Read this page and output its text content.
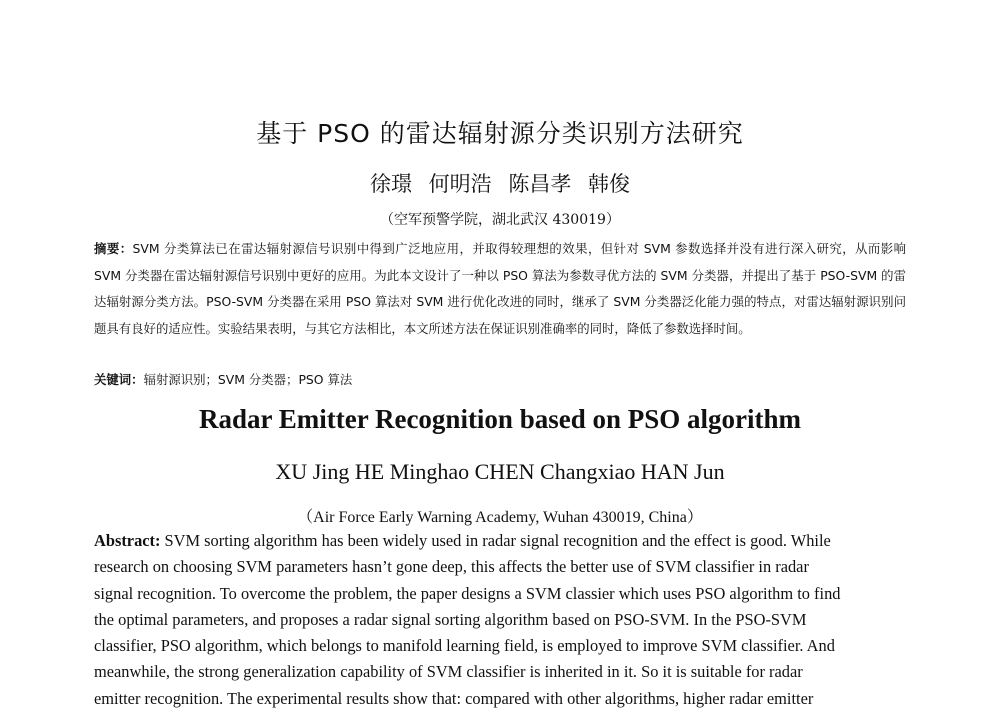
基于 PSO 的雷达辐射源分类识别方法研究
徐璟 何明浩 陈昌孝 韩俊
（空军预警学院，湖北武汉 430019）
摘要：SVM 分类算法已在雷达辐射源信号识别中得到广泛地应用，并取得较理想的效果，但针对 SVM 参数选择并没有进行深入研究，从而影响 SVM 分类器在雷达辐射源信号识别中更好的应用。为此本文设计了一种以 PSO 算法为参数寻优方法的 SVM 分类器，并提出了基于 PSO-SVM 的雷达辐射源分类方法。PSO-SVM 分类器在采用 PSO 算法对 SVM 进行优化改进的同时，继承了 SVM 分类器泛化能力强的特点，对雷达辐射源识别问题具有良好的适应性。实验结果表明，与其它方法相比，本文所述方法在保证识别准确率的同时，降低了参数选择时间。
关键词：辐射源识别；SVM 分类器；PSO 算法
Radar Emitter Recognition based on PSO algorithm
XU Jing HE Minghao CHEN Changxiao HAN Jun
（Air Force Early Warning Academy, Wuhan 430019, China）
Abstract: SVM sorting algorithm has been widely used in radar signal recognition and the effect is good. While
research on choosing SVM parameters hasn’t gone deep, this affects the better use of SVM classifier in radar
signal recognition. To overcome the problem, the paper designs a SVM classier which uses PSO algorithm to find
the optimal parameters, and proposes a radar signal sorting algorithm based on PSO-SVM. In the PSO-SVM
classifier, PSO algorithm, which belongs to manifold learning field, is employed to improve SVM classifier. And
meanwhile, the strong generalization capability of SVM classifier is inherited in it. So it is suitable for radar
emitter recognition. The experimental results show that: compared with other algorithms, higher radar emitter
